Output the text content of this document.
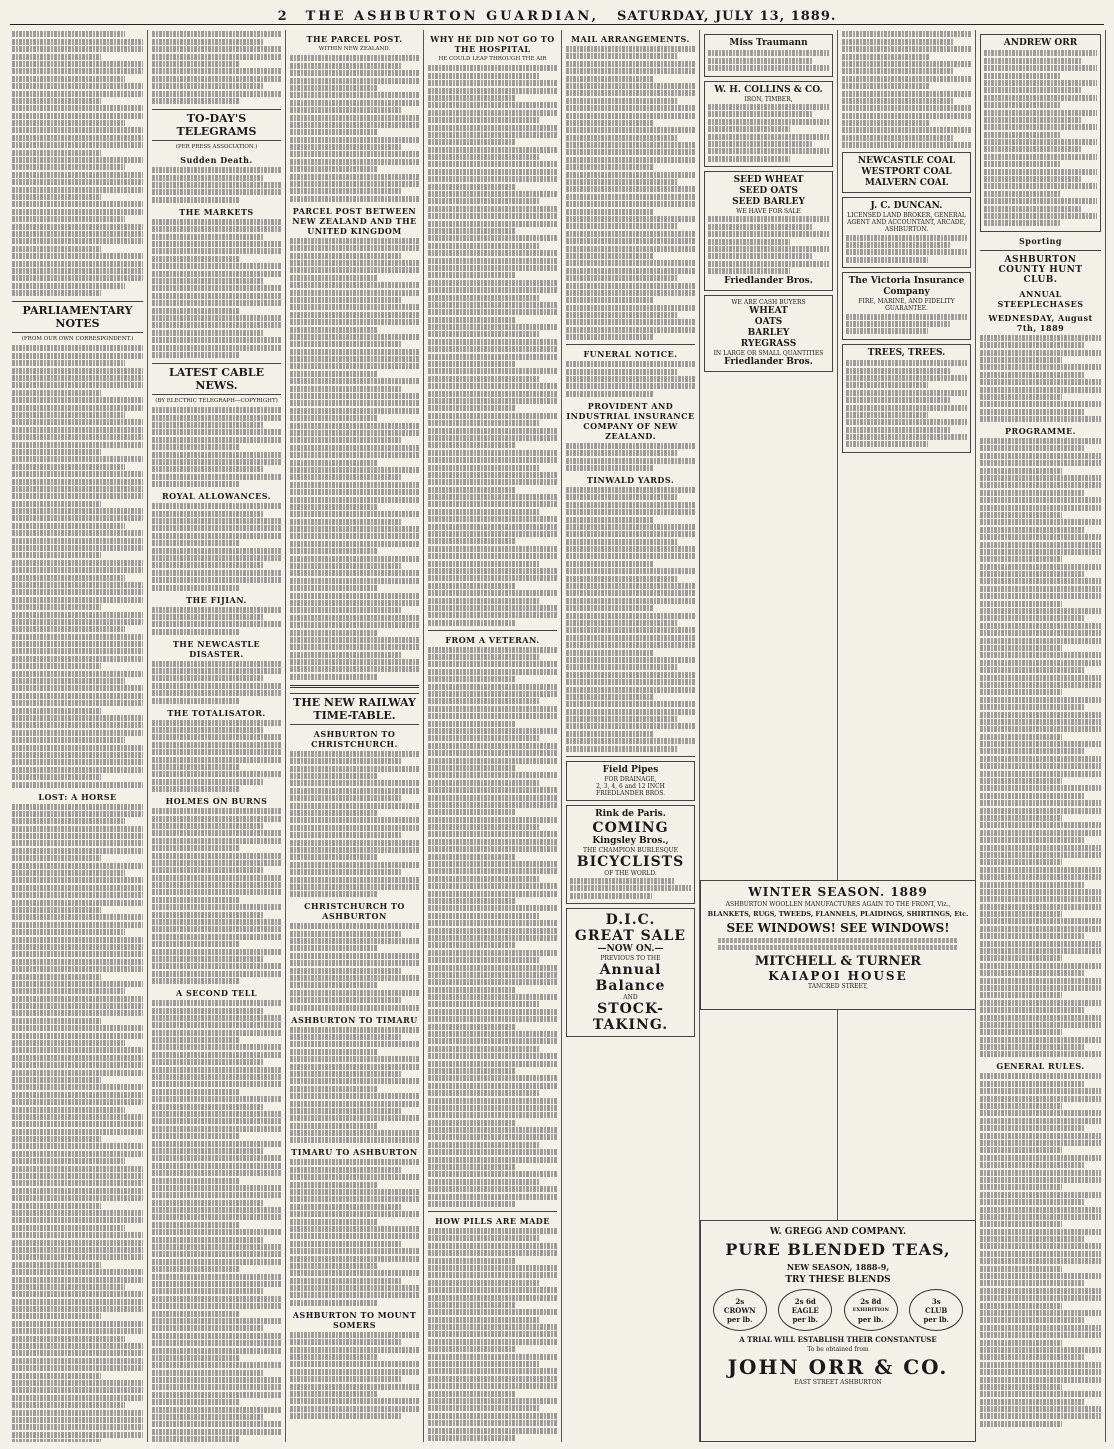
2 THE ASHBURTON GUARDIAN, SATURDAY, JULY 13, 1889.
PARLIAMENTARY NOTES
(FROM OUR OWN CORRESPONDENT.)
LOST: A HORSE
TO-DAY'S TELEGRAMS
(PER PRESS ASSOCIATION.)
Sudden Death.
THE MARKETS
LATEST CABLE NEWS.
(BY ELECTRIC TELEGRAPH—COPYRIGHT)
ROYAL ALLOWANCES.
THE FIJIAN.
THE NEWCASTLE DISASTER.
THE TOTALISATOR.
HOLMES ON BURNS
A SECOND TELL
THE PARCEL POST.
WITHIN NEW ZEALAND.
PARCEL POST BETWEEN NEW ZEALAND AND THE UNITED KINGDOM
THE NEW RAILWAY TIME-TABLE.
ASHBURTON TO CHRISTCHURCH.
CHRISTCHURCH TO ASHBURTON
ASHBURTON TO TIMARU
TIMARU TO ASHBURTON
ASHBURTON TO MOUNT SOMERS
WHY HE DID NOT GO TO THE HOSPITAL
HE COULD LEAP THROUGH THE AIR
FROM A VETERAN.
HOW PILLS ARE MADE
MAIL ARRANGEMENTS.
FUNERAL NOTICE.
PROVIDENT AND INDUSTRIAL INSURANCE COMPANY OF NEW ZEALAND.
TINWALD YARDS.
Field Pipes
FOR DRAINAGE,
2, 3, 4, 6 and 12 INCH
FRIEDLANDER BROS.
Rink de Paris.
COMING
Kingsley Bros.,
THE CHAMPION BURLESQUE
BICYCLISTS
OF THE WORLD.
D.I.C.
GREAT SALE
—NOW ON.—
PREVIOUS TO THE
Annual Balance
AND
STOCK-TAKING.
Miss Traumann
W. H. COLLINS & CO.
IRON, TIMBER,
SEED WHEAT
SEED OATS
SEED BARLEY
WE HAVE FOR SALE
Friedlander Bros.
WE ARE CASH BUYERS
WHEAT
OATS
BARLEY
RYEGRASS
IN LARGE OR SMALL QUANTITIES
Friedlander Bros.
NEWCASTLE COAL
WESTPORT COAL
MALVERN COAL
J. C. DUNCAN.
LICENSED LAND BROKER, GENERAL AGENT AND ACCOUNTANT, ARCADE, ASHBURTON.
The Victoria Insurance Company
FIRE, MARINE, AND FIDELITY GUARANTEE.
TREES, TREES.
ANDREW ORR
Sporting
ASHBURTON COUNTY HUNT CLUB.
ANNUAL STEEPLECHASES
WEDNESDAY, August 7th, 1889
PROGRAMME.
GENERAL RULES.
WINTER SEASON. 1889
ASHBURTON WOOLLEN MANUFACTURES AGAIN TO THE FRONT, Viz.,
BLANKETS, RUGS, TWEEDS, FLANNELS, PLAIDINGS, SHIRTINGS, Etc.
SEE WINDOWS! SEE WINDOWS!
MITCHELL & TURNER
KAIAPOI HOUSE
TANCRED STREET,
W. GREGG AND COMPANY.
PURE BLENDED TEAS,
NEW SEASON, 1888-9,
TRY THESE BLENDS
2s
CROWN
per lb.
2s 6d
EAGLE
per lb.
2s 8d
EXHIBITION
per lb.
3s
CLUB
per lb.
A TRIAL WILL ESTABLISH THEIR CONSTANTUSE
To be obtained from
JOHN ORR & CO.
EAST STREET ASHBURTON
